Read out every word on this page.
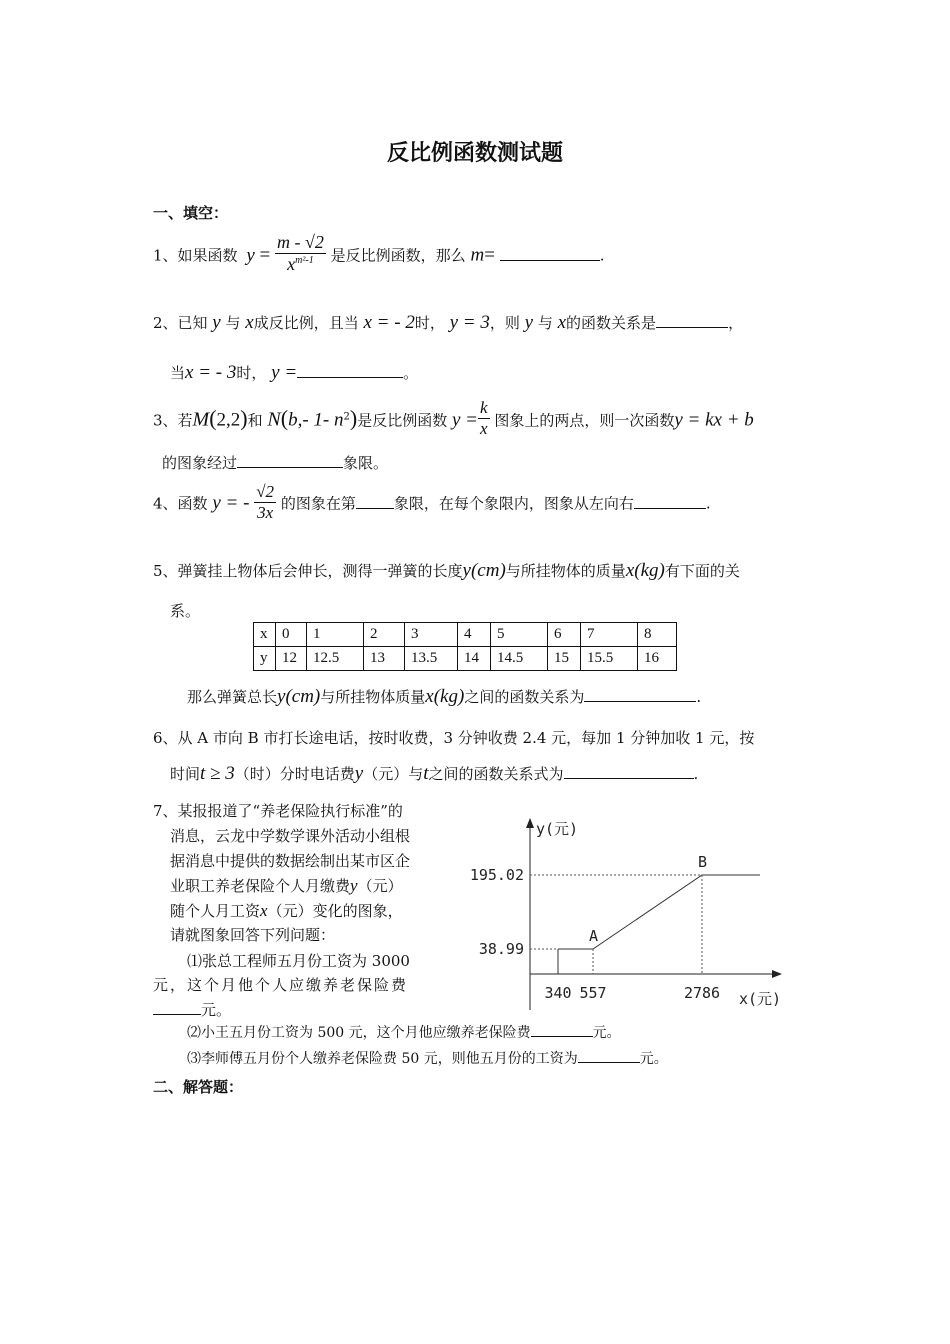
反比例函数测试题
一、填空：
1、如果函数 $y = \frac{m - √2}{x^{m^2-1}}$ 是反比例函数，那么 m=	.
2、已知 y 与 x成反比例，且当 x = - 2时， y = 3，则 y 与 x的函数关系是	，
当x = - 3时， y =	。
3、若M(2,2)和 N(b,- 1- $n^2$)是反比例函数 $y = \frac{k}{x}$ 图象上的两点，则一次函数y = kx + b
的图象经过	象限。
4、函数 y = - $\frac{√2}{3x}$ 的图象在第	象限，在每个象限内，图象从左向右	.
5、弹簧挂上物体后会伸长，测得一弹簧的长度y(cm)与所挂物体的质量x(kg)有下面的关
系。
x	0	1	2	3	4	5	6	7	8
y	12	12.5	13	13.5	14	14.5	15	15.5	16
那么弹簧总长y(cm)与所挂物体质量x(kg)之间的函数关系为	.
6、从 A 市向 B 市打长途电话，按时收费，3 分钟收费 2.4 元，每加 1 分钟加收 1 元，按
时间t ≥ 3（时）分时电话费y（元）与t之间的函数关系式为	.
7、某报报道了“养老保险执行标准”的
消息，云龙中学数学课外活动小组根
据消息中提供的数据绘制出某市区企
业职工养老保险个人月缴费y（元）
随个人月工资x（元）变化的图象，
请就图象回答下列问题：
⑴张总工程师五月份工资为 3000
元，这个月他个人应缴养老保险费
元。
⑵小王五月份工资为 500 元，这个月他应缴养老保险费	元。
⑶李师傅五月份个人缴养老保险费 50 元，则他五月份的工资为	元。
二、解答题：
y(元)
x(元)
38.99
195.02
340 557	2786
A
B
